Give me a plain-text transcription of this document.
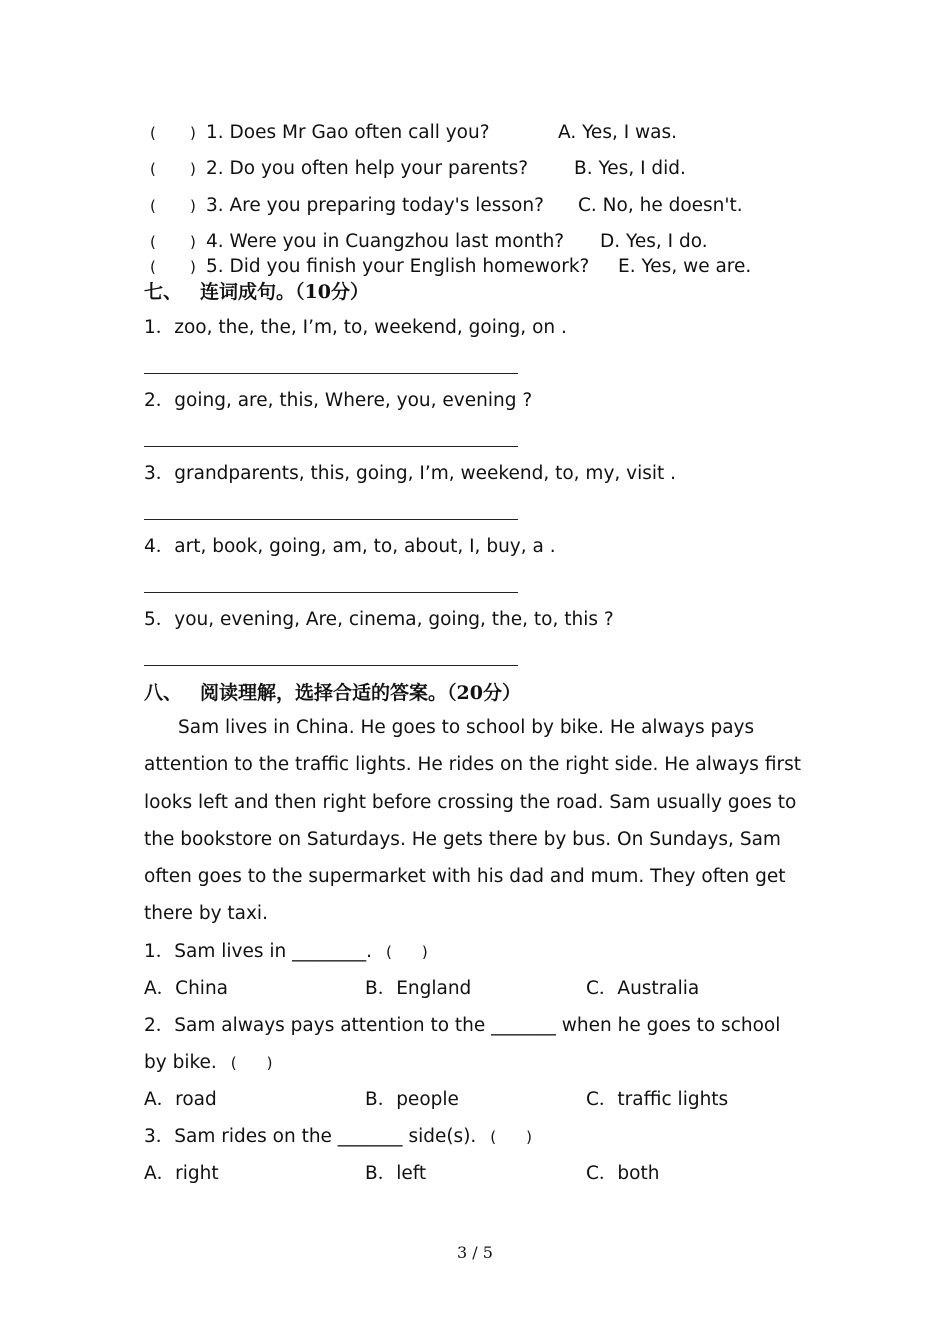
( ) 1. Does Mr Gao often call you?	A. Yes, I was.
( ) 2. Do you often help your parents? B. Yes, I did.
( ) 3. Are you preparing today's lesson? C. No, he doesn't.
( ) 4. Were you in Cuangzhou last month? D. Yes, I do.
( ) 5. Did you finish your English homework? E. Yes, we are.
七、 连词成句。（10分）
1．zoo, the, the, I’m, to, weekend, going, on .
2．going, are, this, Where, you, evening ?
3．grandparents, this, going, I’m, weekend, to, my, visit .
4．art, book, going, am, to, about, I, buy, a .
5．you, evening, Are, cinema, going, the, to, this ?
八、 阅读理解，选择合适的答案。（20分）

Sam lives in China. He goes to school by bike. He always pays attention to the traffic lights. He rides on the right side. He always first looks left and then right before crossing the road. Sam usually goes to the bookstore on Saturdays. He gets there by bus. On Sundays, Sam often goes to the supermarket with his dad and mum. They often get there by taxi.

1．Sam lives in ________. (　　)
A．China	B．England	C．Australia
2．Sam always pays attention to the _______ when he goes to school
by bike. (　　)
A．road	B．people	C．traffic lights
3．Sam rides on the _______ side(s). (　　)
A．right	B．left	C．both
3 / 5
